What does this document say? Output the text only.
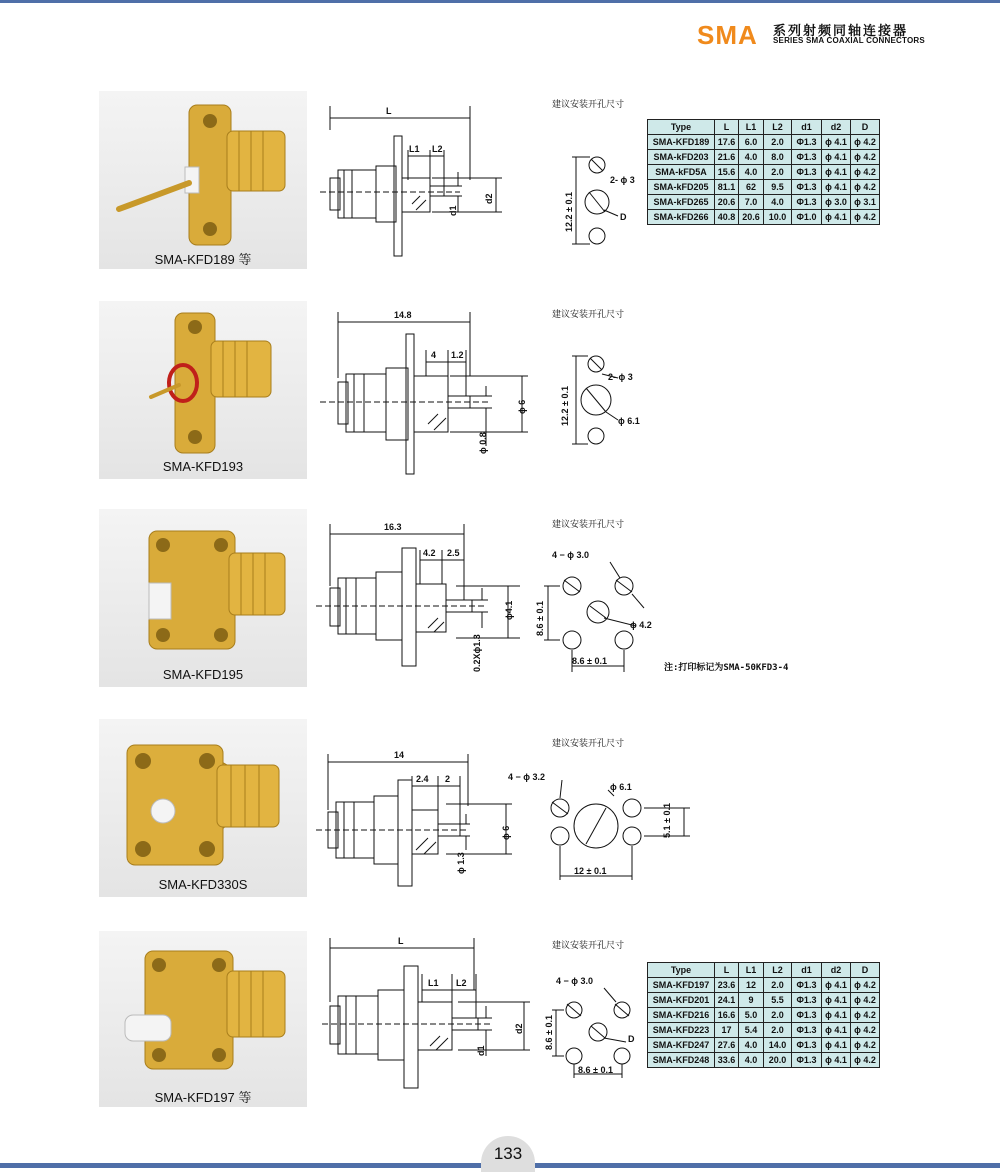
SMA 系列射频同轴连接器
SERIES SMA COAXIAL CONNECTORS
SMA-KFD189 等
L
L1 L2
d1
d2
建议安装开孔尺寸
12.2 ± 0.1
2- ϕ 3
D
Type	L	L1	L2	d1	d2	D
SMA-KFD189	17.6	6.0	2.0	Φ1.3	ϕ 4.1	ϕ 4.2
SMA-kFD203	21.6	4.0	8.0	Φ1.3	ϕ 4.1	ϕ 4.2
SMA-kFD5A	15.6	4.0	2.0	Φ1.3	ϕ 4.1	ϕ 4.2
SMA-kFD205	81.1	62	9.5	Φ1.3	ϕ 4.1	ϕ 4.2
SMA-kFD265	20.6	7.0	4.0	Φ1.3	ϕ 3.0	ϕ 3.1
SMA-kFD266	40.8	20.6	10.0	Φ1.0	ϕ 4.1	ϕ 4.2
SMA-KFD193
14.8
4 1.2
ϕ 0.8
ϕ 6
建议安装开孔尺寸
12.2 ± 0.1
2- ϕ 3
ϕ 6.1
SMA-KFD195
16.3
4.2 2.5
0.2Xϕ1.3
ϕ4.1
建议安装开孔尺寸
4 − ϕ 3.0
ϕ 4.2
8.6 ± 0.1
8.6 ± 0.1
注:打印标记为SMA-50KFD3-4
SMA-KFD330S
14
2.4 2
ϕ 1.3
ϕ 6
建议安装开孔尺寸
4 − ϕ 3.2
ϕ 6.1
5.1 ± 0.1
12 ± 0.1
SMA-KFD197 等
L
L1 L2
d1
d2
建议安装开孔尺寸
4 − ϕ 3.0
D
8.6 ± 0.1
8.6 ± 0.1
Type	L	L1	L2	d1	d2	D
SMA-KFD197	23.6	12	2.0	Φ1.3	ϕ 4.1	ϕ 4.2
SMA-KFD201	24.1	9	5.5	Φ1.3	ϕ 4.1	ϕ 4.2
SMA-KFD216	16.6	5.0	2.0	Φ1.3	ϕ 4.1	ϕ 4.2
SMA-KFD223	17	5.4	2.0	Φ1.3	ϕ 4.1	ϕ 4.2
SMA-KFD247	27.6	4.0	14.0	Φ1.3	ϕ 4.1	ϕ 4.2
SMA-KFD248	33.6	4.0	20.0	Φ1.3	ϕ 4.1	ϕ 4.2
133
